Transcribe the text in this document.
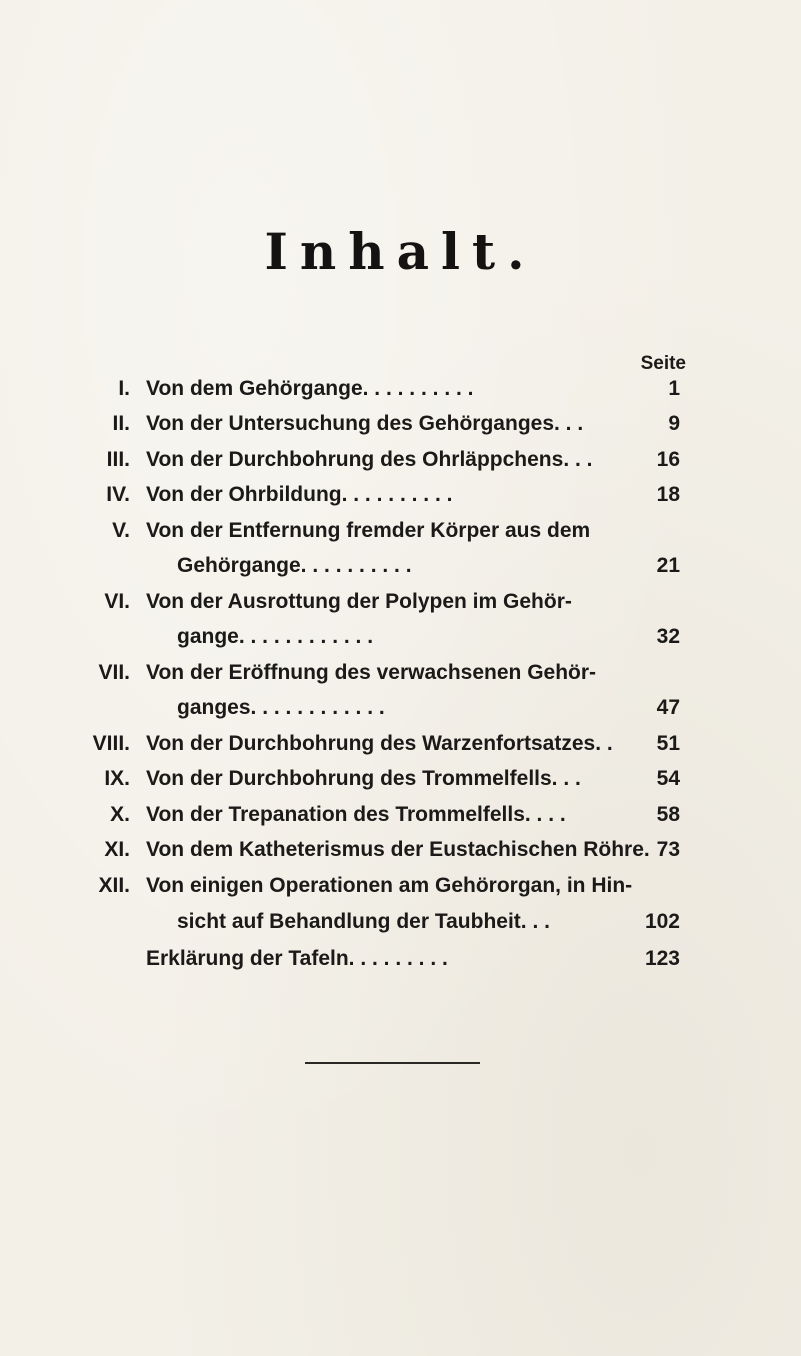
Inhalt.
Seite
I. Von dem Gehörgange. . . . . . . . . .	1
II. Von der Untersuchung des Gehörganges. . .	9
III. Von der Durchbohrung des Ohrläppchens. . .	16
IV. Von der Ohrbildung. . . . . . . . . .	18
V. Von der Entfernung fremder Körper aus dem
Gehörgange. . . . . . . . . .	21
VI. Von der Ausrottung der Polypen im Gehör-
gange. . . . . . . . . . . .	32
VII. Von der Eröffnung des verwachsenen Gehör-
ganges. . . . . . . . . . . .	47
VIII. Von der Durchbohrung des Warzenfortsatzes. . 51
IX. Von der Durchbohrung des Trommelfells. . .	54
X. Von der Trepanation des Trommelfells. . . .	58
XI. Von dem Katheterismus der Eustachischen Röhre. 73
XII. Von einigen Operationen am Gehörorgan, in Hin-
sicht auf Behandlung der Taubheit. . .	102
Erklärung der Tafeln. . . . . . . . .	123
